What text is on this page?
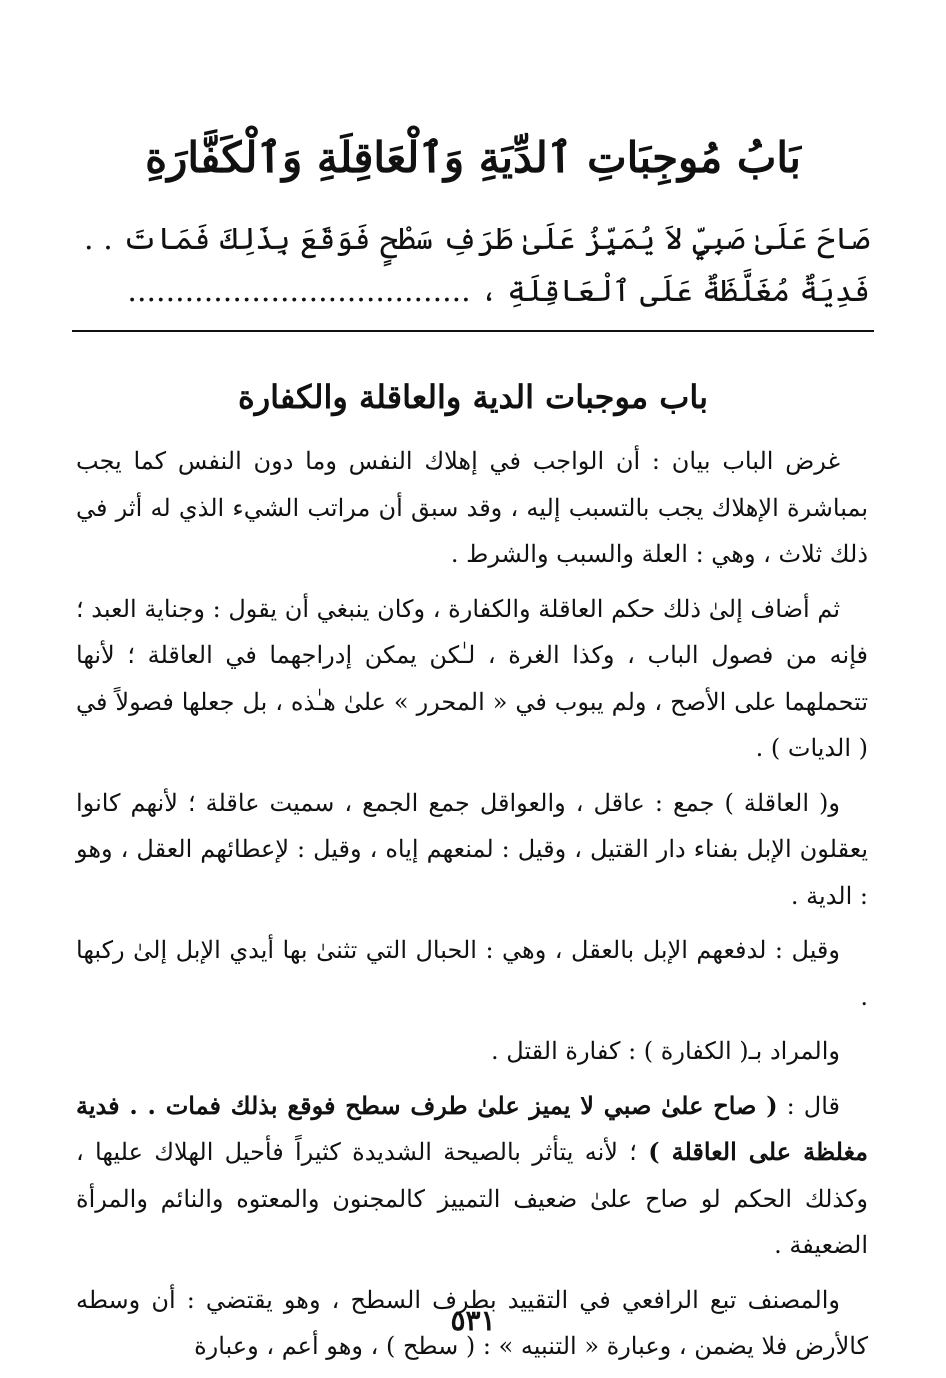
بَابُ مُوجِبَاتِ ٱلدِّيَةِ وَٱلْعَاقِلَةِ وَٱلْكَفَّارَةِ
صَاحَ عَلَىٰ صَبِيٍّ لاَ يُمَيِّزُ عَلَىٰ طَرَفِ سَطْحٍ فَوَقَعَ بِذَلِكَ فَمَاتَ . . فَدِيَةٌ مُغَلَّظَةٌ عَلَى ٱلْعَاقِلَةِ ، ....................................
باب موجبات الدية والعاقلة والكفارة

غرض الباب بيان : أن الواجب في إهلاك النفس وما دون النفس كما يجب بمباشرة الإهلاك يجب بالتسبب إليه ، وقد سبق أن مراتب الشيء الذي له أثر في ذلك ثلاث ، وهي : العلة والسبب والشرط .

ثم أضاف إلىٰ ذلك حكم العاقلة والكفارة ، وكان ينبغي أن يقول : وجناية العبد ؛ فإنه من فصول الباب ، وكذا الغرة ، لـٰكن يمكن إدراجهما في العاقلة ؛ لأنها تتحملهما على الأصح ، ولم يبوب في « المحرر » علىٰ هـٰذه ، بل جعلها فصولاً في ( الديات ) .

و( العاقلة ) جمع : عاقل ، والعواقل جمع الجمع ، سميت عاقلة ؛ لأنهم كانوا يعقلون الإبل بفناء دار القتيل ، وقيل : لمنعهم إياه ، وقيل : لإعطائهم العقل ، وهو : الدية .

وقيل : لدفعهم الإبل بالعقل ، وهي : الحبال التي تثنىٰ بها أيدي الإبل إلىٰ ركبها .

والمراد بـ( الكفارة ) : كفارة القتل .

قال : ( صاح علىٰ صبي لا يميز علىٰ طرف سطح فوقع بذلك فمات . . فدية مغلظة على العاقلة ) ؛ لأنه يتأثر بالصيحة الشديدة كثيراً فأحيل الهلاك عليها ، وكذلك الحكم لو صاح علىٰ ضعيف التمييز كالمجنون والمعتوه والنائم والمرأة الضعيفة .

والمصنف تبع الرافعي في التقييد بطرف السطح ، وهو يقتضي : أن وسطه كالأرض فلا يضمن ، وعبارة « التنبيه » : ( سطح ) ، وهو أعم ، وعبارة

٥٣١
